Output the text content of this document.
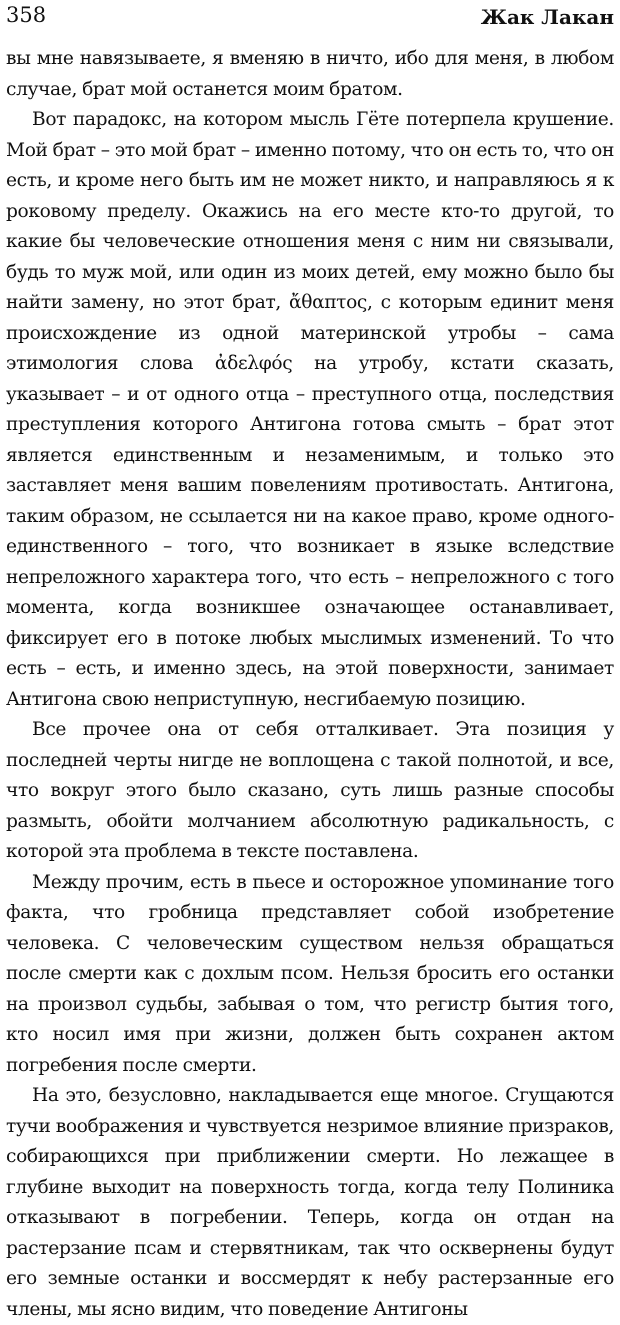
358	Жак Лакан

вы мне навязываете, я вменяю в ничто, ибо для меня, в любом случае, брат мой останется моим братом.

Вот парадокс, на котором мысль Гёте потерпела крушение. Мой брат – это мой брат – именно потому, что он есть то, что он есть, и кроме него быть им не может никто, и направляюсь я к роковому пределу. Окажись на его месте кто-то другой, то какие бы человеческие отношения меня с ним ни связывали, будь то муж мой, или один из моих детей, ему можно было бы найти замену, но этот брат, ἄθαπτος, с которым единит меня происхождение из одной материнской утробы – сама этимология слова ἀδελφός на утробу, кстати сказать, указывает – и от одного отца – преступного отца, последствия преступления которого Антигона готова смыть – брат этот является единственным и незаменимым, и только это заставляет меня вашим повелениям противостать. Антигона, таким образом, не ссылается ни на какое право, кроме одного-единственного – того, что возникает в языке вследствие непреложного характера того, что есть – непреложного с того момента, когда возникшее означающее останавливает, фиксирует его в потоке любых мыслимых изменений. То что есть – есть, и именно здесь, на этой поверхности, занимает Антигона свою неприступную, несгибаемую позицию.

Все прочее она от себя отталкивает. Эта позиция у последней черты нигде не воплощена с такой полнотой, и все, что вокруг этого было сказано, суть лишь разные способы размыть, обойти молчанием абсолютную радикальность, с которой эта проблема в тексте поставлена.

Между прочим, есть в пьесе и осторожное упоминание того факта, что гробница представляет собой изобретение человека. С человеческим существом нельзя обращаться после смерти как с дохлым псом. Нельзя бросить его останки на произвол судьбы, забывая о том, что регистр бытия того, кто носил имя при жизни, должен быть сохранен актом погребения после смерти.

На это, безусловно, накладывается еще многое. Сгущаются тучи воображения и чувствуется незримое влияние призраков, собирающихся при приближении смерти. Но лежащее в глубине выходит на поверхность тогда, когда телу Полиника отказывают в погребении. Теперь, когда он отдан на растерзание псам и стервятникам, так что осквернены будут его земные останки и воссмердят к небу растерзанные его члены, мы ясно видим, что поведение Антигоны
